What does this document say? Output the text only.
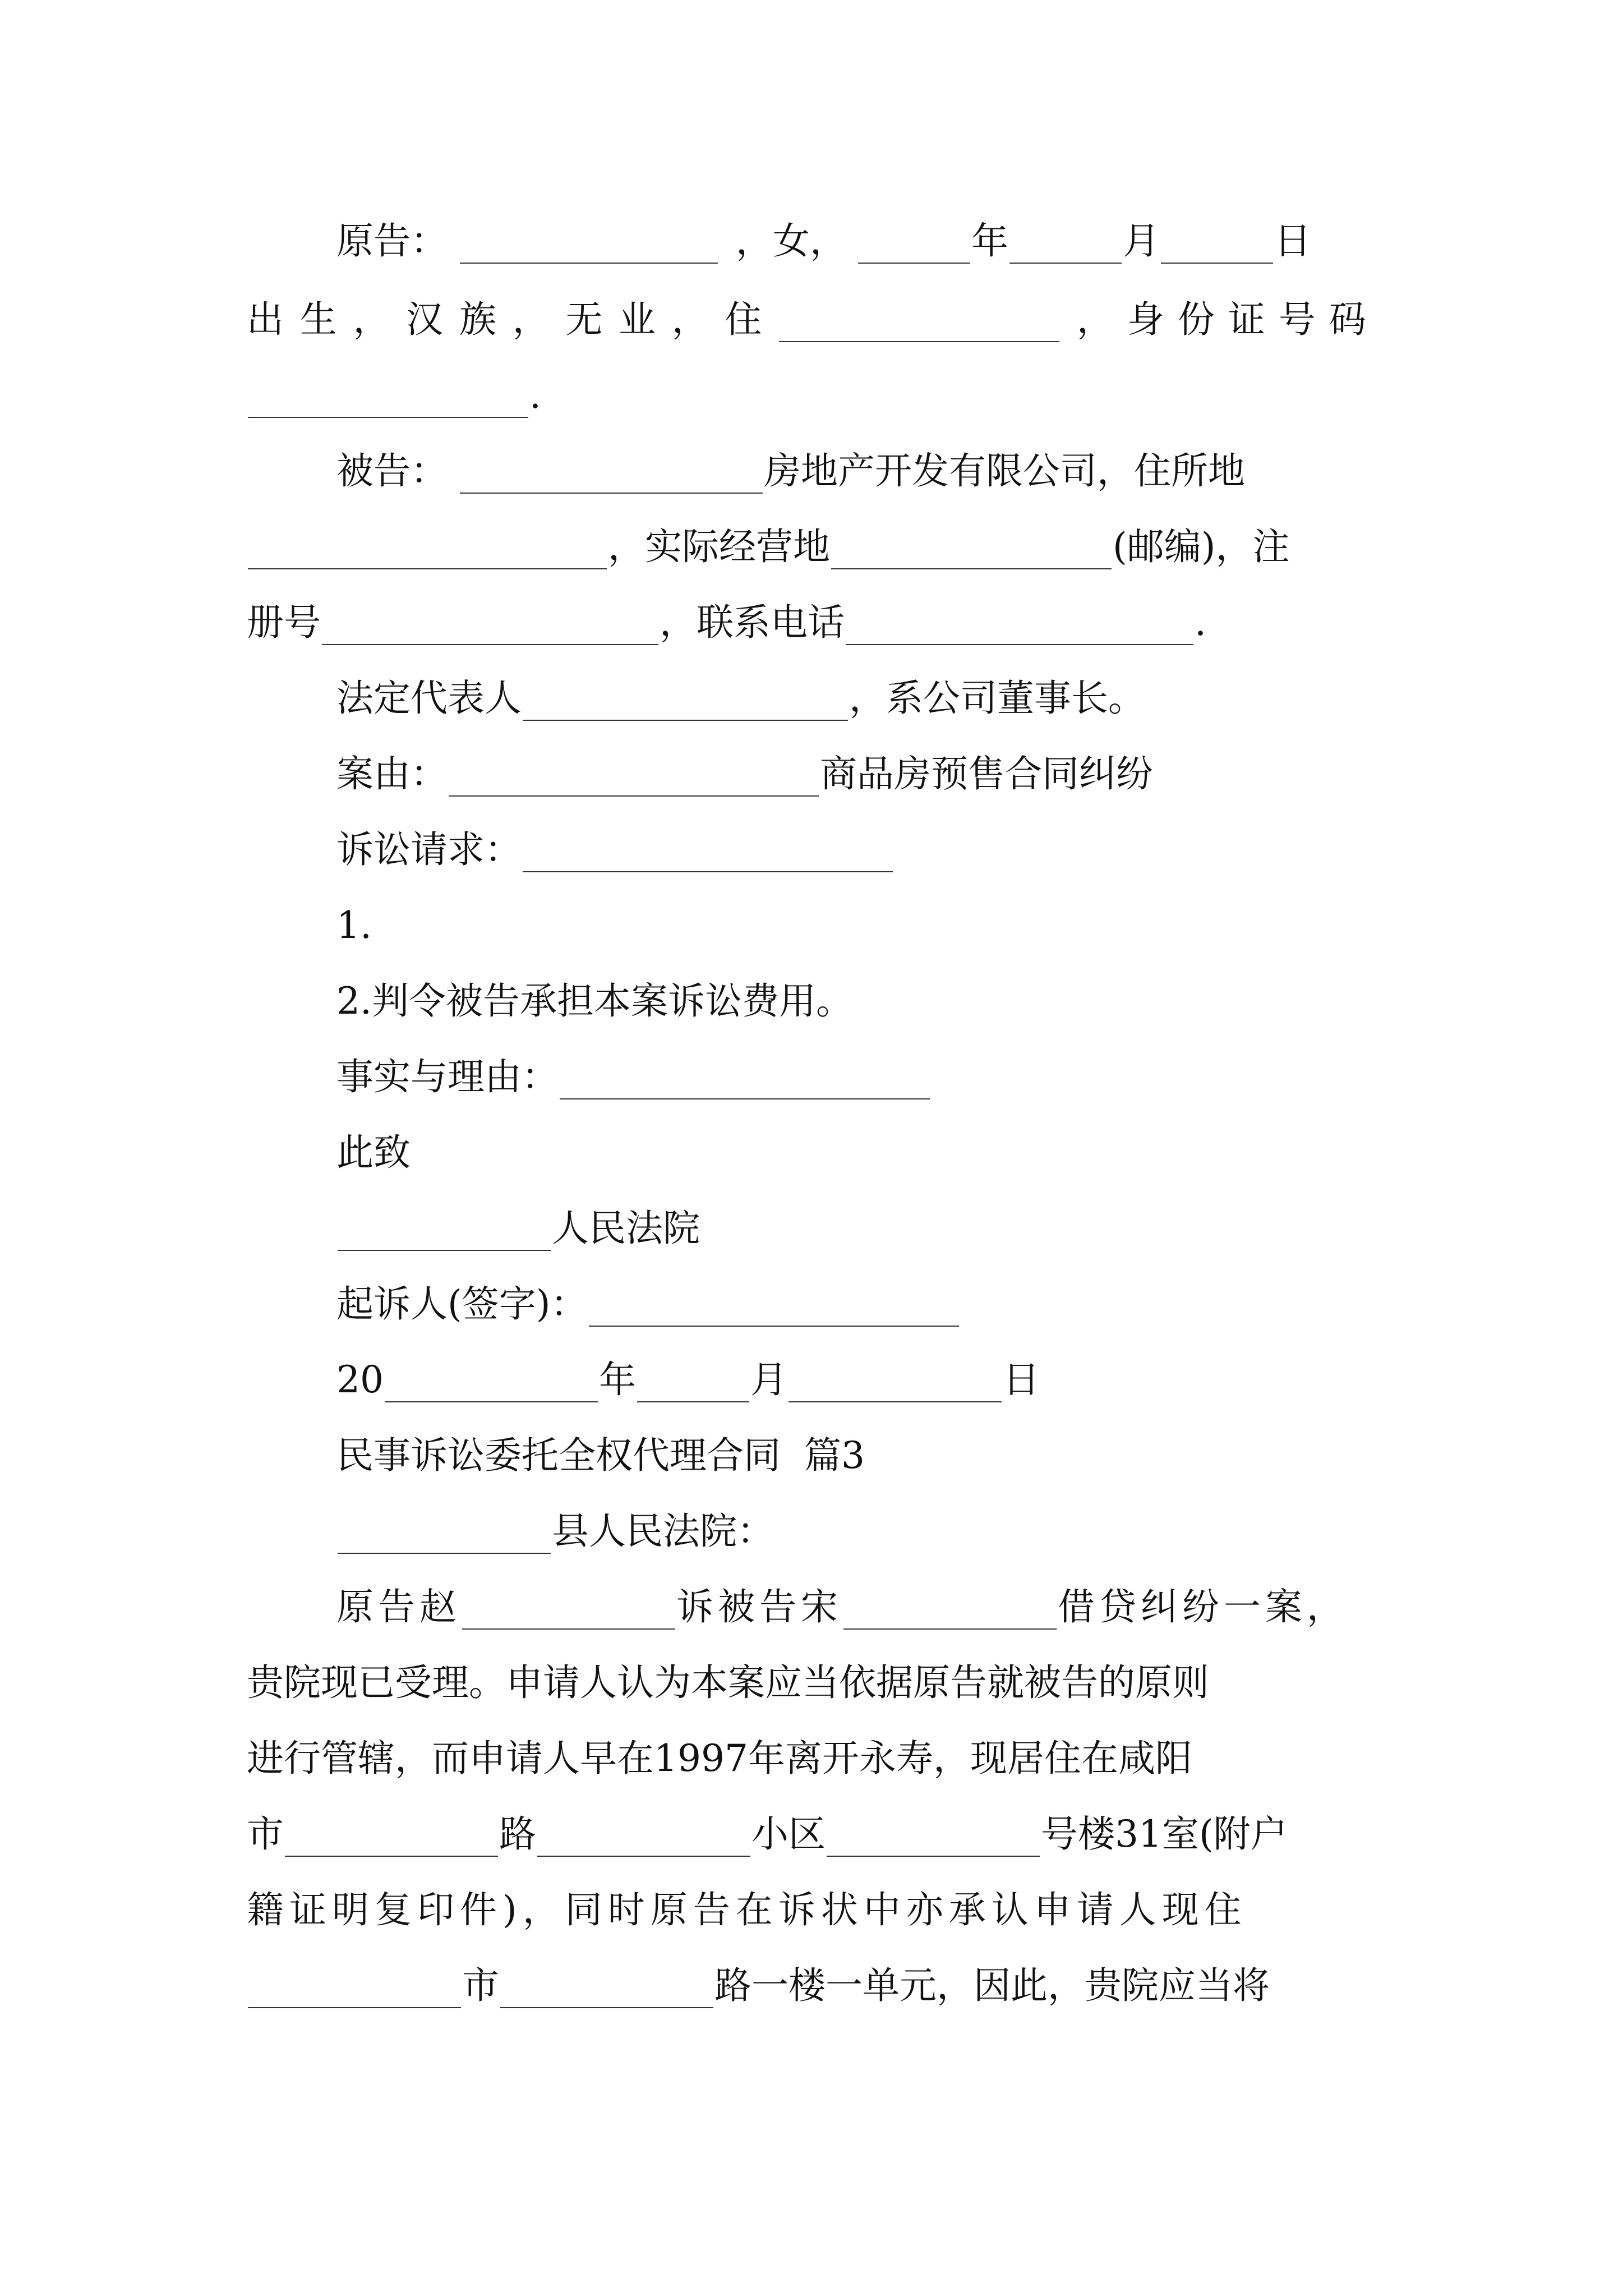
原告：	，女，	年	月	日
出 生 ， 汉 族 ， 无 业 ， 住	，身份证号码
.
被告：	房地产开发有限公司，住所地
，实际经营地	(邮编)，注
册号	，联系电话	.
法定代表人	，系公司董事长。
案由：	商品房预售合同纠纷
诉讼请求：
1.
2.判令被告承担本案诉讼费用。
事实与理由：
此致
人民法院
起诉人(签字)：
20	年	月	日
民事诉讼委托全权代理合同  篇3
县人民法院：
原告赵	诉被告宋	借贷纠纷一案，
贵院现已受理。申请人认为本案应当依据原告就被告的原则
进行管辖，而申请人早在1997年离开永寿，现居住在咸阳
市	路	小区	号楼31室(附户
籍证明复印件)，同时原告在诉状中亦承认申请人现住
市	路一楼一单元，因此，贵院应当将
